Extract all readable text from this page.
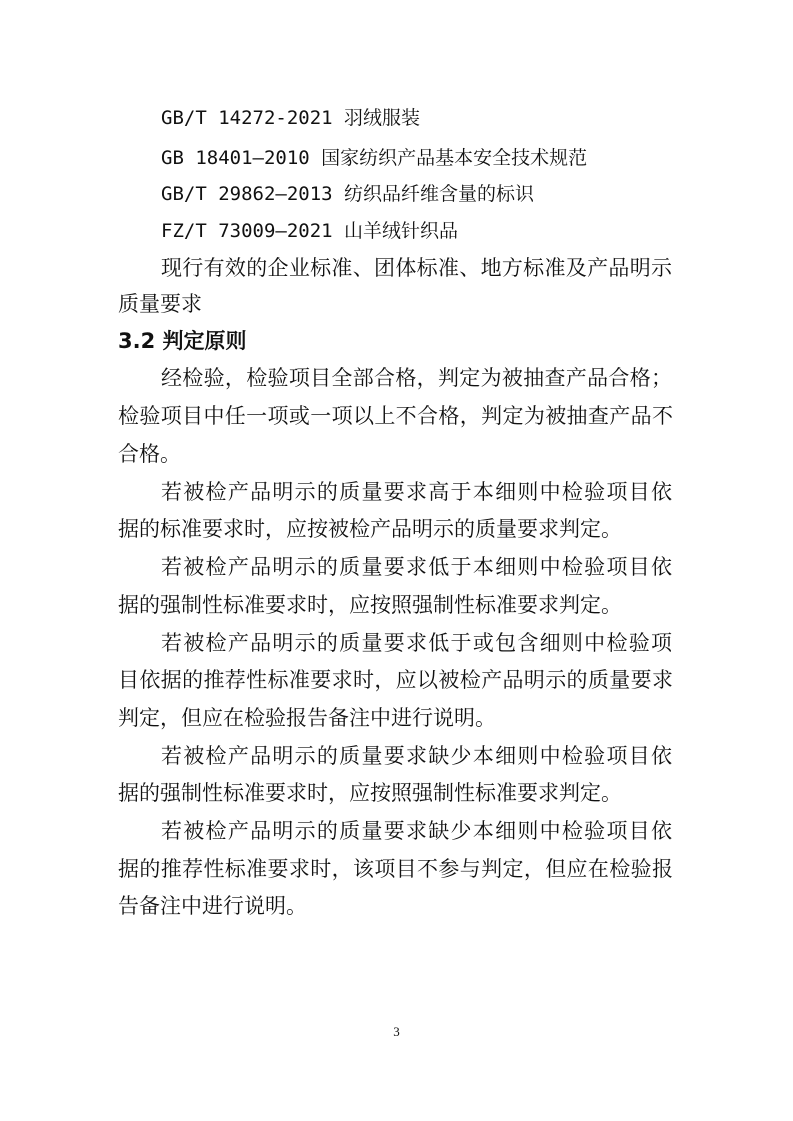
GB/T 14272-2021 羽绒服装
GB 18401—2010 国家纺织产品基本安全技术规范
GB/T 29862—2013 纺织品纤维含量的标识
FZ/T 73009—2021 山羊绒针织品
现行有效的企业标准、团体标准、地方标准及产品明示
质量要求
3.2 判定原则
经检验，检验项目全部合格，判定为被抽查产品合格；
检验项目中任一项或一项以上不合格，判定为被抽查产品不
合格。
若被检产品明示的质量要求高于本细则中检验项目依
据的标准要求时，应按被检产品明示的质量要求判定。
若被检产品明示的质量要求低于本细则中检验项目依
据的强制性标准要求时，应按照强制性标准要求判定。
若被检产品明示的质量要求低于或包含细则中检验项
目依据的推荐性标准要求时，应以被检产品明示的质量要求
判定，但应在检验报告备注中进行说明。
若被检产品明示的质量要求缺少本细则中检验项目依
据的强制性标准要求时，应按照强制性标准要求判定。
若被检产品明示的质量要求缺少本细则中检验项目依
据的推荐性标准要求时，该项目不参与判定，但应在检验报
告备注中进行说明。
3
